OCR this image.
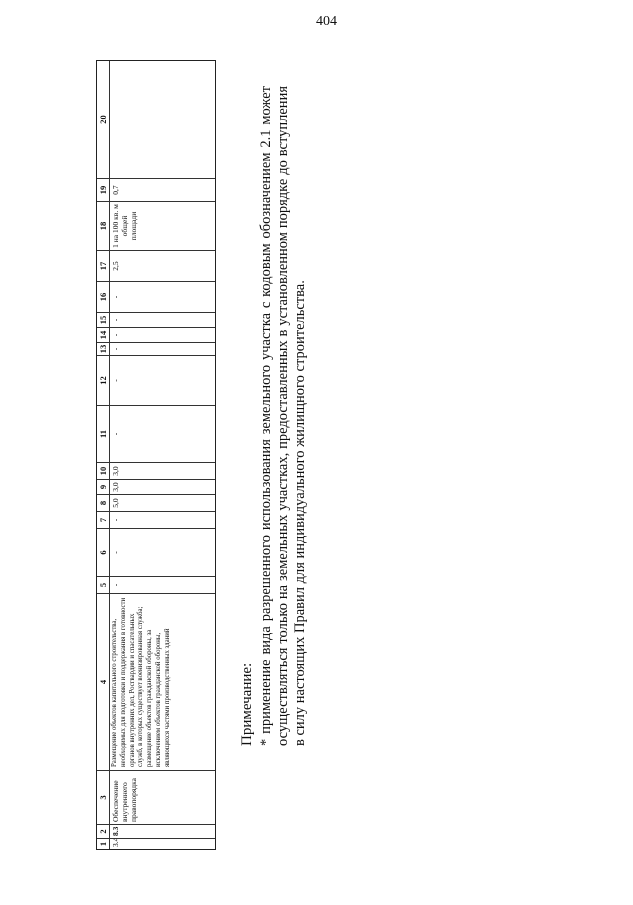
404
1
2
3
4
5
6
7
8
9
10
11
12
13
14
15
16
17
18
19
20
3.4
8.3
Обеспечение внутреннего правопорядка
Размещение объектов капитального строительства, необходимых для подготовки и поддержания в готовности органов внутренних дел, Росгвардии и спасательных служб, в которых существует военизированная служба; размещение объектов гражданской обороны, за исключением объектов гражданской обороны, являющихся частями производственных зданий
-
-
-
5,0
3,0
3,0
-
-
-
-
-
-
2,5
1 на 100 кв. м общей площади
0,7
Примечание: * применение вида разрешенного использования земельного участка с кодовым обозначением 2.1 может осуществляться только на земельных участках, предоставленных в установленном порядке до вступления в силу настоящих Правил для индивидуального жилищного строительства.
